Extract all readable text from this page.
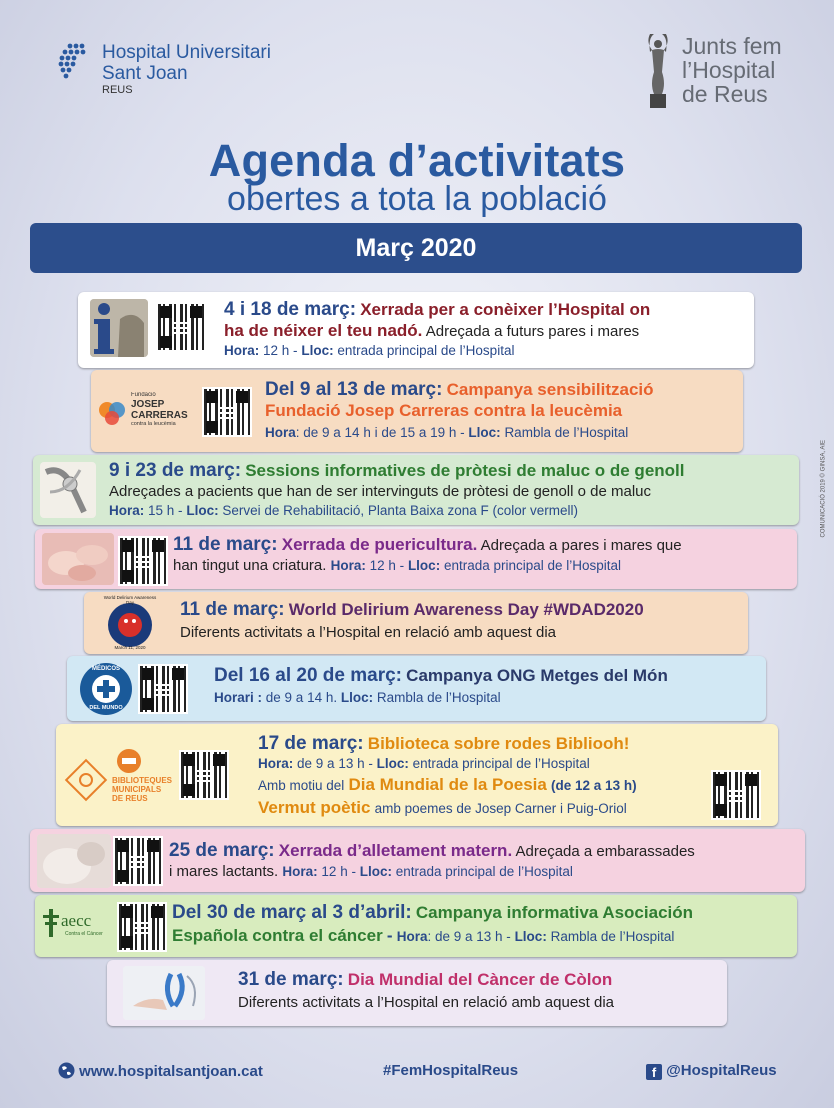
Hospital Universitari
Sant Joan
REUS
Junts fem
l’Hospital
de Reus
Agenda d’activitats
obertes a tota la població
Març 2020
COMUNICACIÓ 2019 © GINSA, AIE
4 i 18 de març: Xerrada per a conèixer l’Hospital on
ha de néixer el teu nadó. Adreçada a futurs pares i mares
Hora: 12 h - Lloc: entrada principal de l’Hospital
Fundació
JOSEP
CARRERAS
contra la leucèmia
Del 9 al 13 de març: Campanya sensibilització
Fundació Josep Carreras contra la leucèmia
Hora: de 9 a 14 h i de 15 a 19 h - Lloc: Rambla de l’Hospital
9 i 23 de març: Sessions informatives de pròtesi de maluc o de genoll
Adreçades a pacients que han de ser intervinguts de pròtesi de genoll o de maluc
Hora: 15 h - Lloc: Servei de Rehabilitació, Planta Baixa zona F (color vermell)
11 de març: Xerrada de puericultura. Adreçada a pares i mares que
han tingut una criatura. Hora: 12 h - Lloc: entrada principal de l’Hospital
World Delirium Awareness Day
March 11, 2020
11 de març: World Delirium Awareness Day #WDAD2020
Diferents activitats a l’Hospital en relació amb aquest dia
MÉDICOS
DEL MUNDO
Del 16 al 20 de març: Campanya ONG Metges del Món
Horari : de 9 a 14 h. Lloc: Rambla de l’Hospital
BIBLIOTEQUES
MUNICIPALS
DE REUS
17 de març: Biblioteca sobre rodes Bibliooh!
Hora: de 9 a 13 h - Lloc: entrada principal de l’Hospital
Amb motiu del Dia Mundial de la Poesia (de 12 a 13 h)
Vermut poètic amb poemes de Josep Carner i Puig-Oriol
25 de març: Xerrada d’alletament matern. Adreçada a embarassades
i mares lactants. Hora: 12 h - Lloc: entrada principal de l’Hospital
aecc
Contra el Cáncer
Del 30 de març al 3 d’abril: Campanya informativa Asociación
Española contra el cáncer - Hora: de 9 a 13 h - Lloc: Rambla de l’Hospital
31 de març: Dia Mundial del Càncer de Còlon
Diferents activitats a l’Hospital en relació amb aquest dia
www.hospitalsantjoan.cat	#FemHospitalReus	f @HospitalReus
